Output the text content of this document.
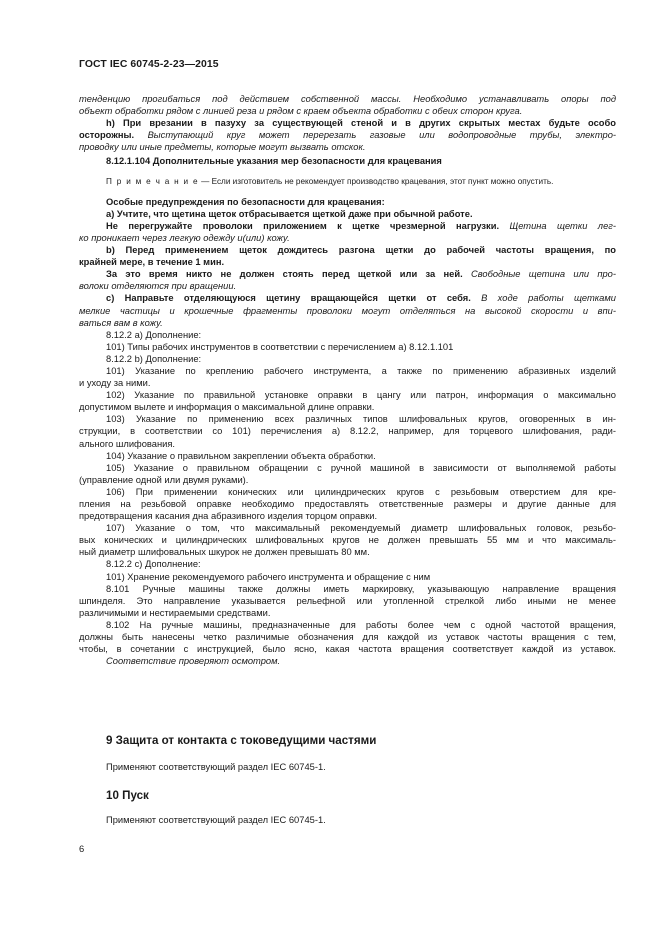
ГОСТ IEC 60745-2-23—2015
тенденцию прогибаться под действием собственной массы. Необходимо устанавливать опоры под
объект обработки рядом с линией реза и рядом с краем объекта обработки с обеих сторон круга.
h) При врезании в пазуху за существующей стеной и в других скрытых местах будьте особо
осторожны. Выступающий круг может перерезать газовые или водопроводные трубы, электро-
проводку или иные предметы, которые могут вызвать отскок.
8.12.1.104 Дополнительные указания мер безопасности для крацевания
П р и м е ч а н и е — Если изготовитель не рекомендует производство крацевания, этот пункт можно опустить.
Особые предупреждения по безопасности для крацевания:
a) Учтите, что щетина щеток отбрасывается щеткой даже при обычной работе.
Не перегружайте проволоки приложением к щетке чрезмерной нагрузки. Щетина щетки лег-
ко проникает через легкую одежду и(или) кожу.
b) Перед применением щеток дождитесь разгона щетки до рабочей частоты вращения, по
крайней мере, в течение 1 мин.
За это время никто не должен стоять перед щеткой или за ней. Свободные щетина или про-
волоки отделяются при вращении.
c) Направьте отделяющуюся щетину вращающейся щетки от себя. В ходе работы щетками
мелкие частицы и крошечные фрагменты проволоки могут отделяться на высокой скорости и впи-
ваться вам в кожу.
8.12.2 a) Дополнение:
101) Типы рабочих инструментов в соответствии с перечислением a) 8.12.1.101
8.12.2 b) Дополнение:
101) Указание по креплению рабочего инструмента, а также по применению абразивных изделий
и уходу за ними.
102) Указание по правильной установке оправки в цангу или патрон, информация о максимально
допустимом вылете и информация о максимальной длине оправки.
103) Указание по применению всех различных типов шлифовальных кругов, оговоренных в ин-
струкции, в соответствии со 101) перечисления a) 8.12.2, например, для торцевого шлифования, ради-
ального шлифования.
104) Указание о правильном закреплении объекта обработки.
105) Указание о правильном обращении с ручной машиной в зависимости от выполняемой работы
(управление одной или двумя руками).
106) При применении конических или цилиндрических кругов с резьбовым отверстием для кре-
пления на резьбовой оправке необходимо предоставлять ответственные размеры и другие данные для
предотвращения касания дна абразивного изделия торцом оправки.
107) Указание о том, что максимальный рекомендуемый диаметр шлифовальных головок, резьбо-
вых конических и цилиндрических шлифовальных кругов не должен превышать 55 мм и что максималь-
ный диаметр шлифовальных шкурок не должен превышать 80 мм.
8.12.2 c) Дополнение:
101) Хранение рекомендуемого рабочего инструмента и обращение с ним
8.101 Ручные машины также должны иметь маркировку, указывающую направление вращения
шпинделя. Это направление указывается рельефной или утопленной стрелкой либо иными не менее
различимыми и нестираемыми средствами.
8.102 На ручные машины, предназначенные для работы более чем с одной частотой вращения,
должны быть нанесены четко различимые обозначения для каждой из уставок частоты вращения с тем,
чтобы, в сочетании с инструкцией, было ясно, какая частота вращения соответствует каждой из уставок.
Соответствие проверяют осмотром.
9 Защита от контакта с токоведущими частями
Применяют соответствующий раздел IEC 60745-1.
10 Пуск
Применяют соответствующий раздел IEC 60745-1.
6
